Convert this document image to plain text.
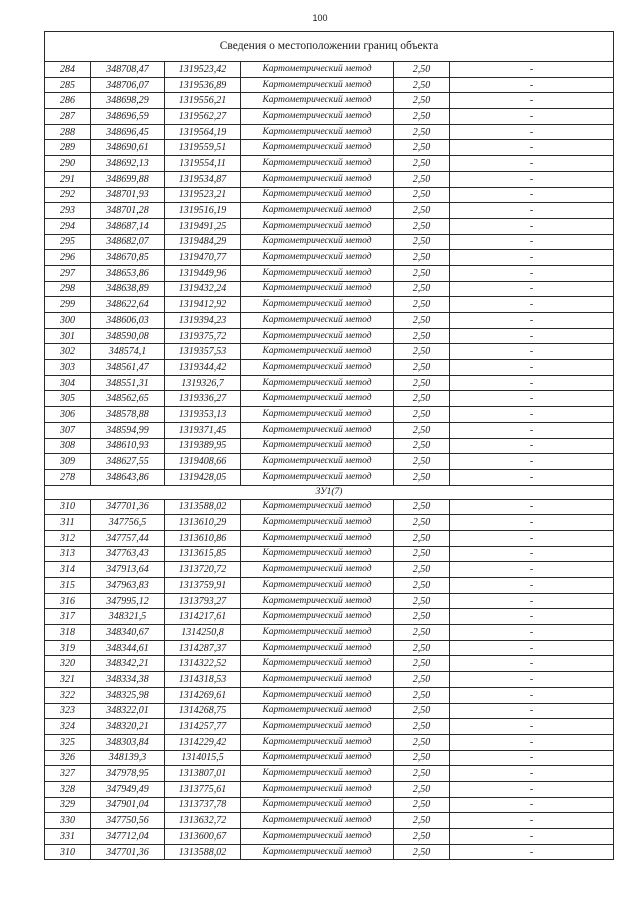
100
Сведения о местоположении границ объекта					
284	348708,47	1319523,42	Картометрический метод	2,50	-
285	348706,07	1319536,89	Картометрический метод	2,50	-
286	348698,29	1319556,21	Картометрический метод	2,50	-
287	348696,59	1319562,27	Картометрический метод	2,50	-
288	348696,45	1319564,19	Картометрический метод	2,50	-
289	348690,61	1319559,51	Картометрический метод	2,50	-
290	348692,13	1319554,11	Картометрический метод	2,50	-
291	348699,88	1319534,87	Картометрический метод	2,50	-
292	348701,93	1319523,21	Картометрический метод	2,50	-
293	348701,28	1319516,19	Картометрический метод	2,50	-
294	348687,14	1319491,25	Картометрический метод	2,50	-
295	348682,07	1319484,29	Картометрический метод	2,50	-
296	348670,85	1319470,77	Картометрический метод	2,50	-
297	348653,86	1319449,96	Картометрический метод	2,50	-
298	348638,89	1319432,24	Картометрический метод	2,50	-
299	348622,64	1319412,92	Картометрический метод	2,50	-
300	348606,03	1319394,23	Картометрический метод	2,50	-
301	348590,08	1319375,72	Картометрический метод	2,50	-
302	348574,1	1319357,53	Картометрический метод	2,50	-
303	348561,47	1319344,42	Картометрический метод	2,50	-
304	348551,31	1319326,7	Картометрический метод	2,50	-
305	348562,65	1319336,27	Картометрический метод	2,50	-
306	348578,88	1319353,13	Картометрический метод	2,50	-
307	348594,99	1319371,45	Картометрический метод	2,50	-
308	348610,93	1319389,95	Картометрический метод	2,50	-
309	348627,55	1319408,66	Картометрический метод	2,50	-
278	348643,86	1319428,05	Картометрический метод	2,50	-
ЗУ1(7)					
310	347701,36	1313588,02	Картометрический метод	2,50	-
311	347756,5	1313610,29	Картометрический метод	2,50	-
312	347757,44	1313610,86	Картометрический метод	2,50	-
313	347763,43	1313615,85	Картометрический метод	2,50	-
314	347913,64	1313720,72	Картометрический метод	2,50	-
315	347963,83	1313759,91	Картометрический метод	2,50	-
316	347995,12	1313793,27	Картометрический метод	2,50	-
317	348321,5	1314217,61	Картометрический метод	2,50	-
318	348340,67	1314250,8	Картометрический метод	2,50	-
319	348344,61	1314287,37	Картометрический метод	2,50	-
320	348342,21	1314322,52	Картометрический метод	2,50	-
321	348334,38	1314318,53	Картометрический метод	2,50	-
322	348325,98	1314269,61	Картометрический метод	2,50	-
323	348322,01	1314268,75	Картометрический метод	2,50	-
324	348320,21	1314257,77	Картометрический метод	2,50	-
325	348303,84	1314229,42	Картометрический метод	2,50	-
326	348139,3	1314015,5	Картометрический метод	2,50	-
327	347978,95	1313807,01	Картометрический метод	2,50	-
328	347949,49	1313775,61	Картометрический метод	2,50	-
329	347901,04	1313737,78	Картометрический метод	2,50	-
330	347750,56	1313632,72	Картометрический метод	2,50	-
331	347712,04	1313600,67	Картометрический метод	2,50	-
310	347701,36	1313588,02	Картометрический метод	2,50	-
